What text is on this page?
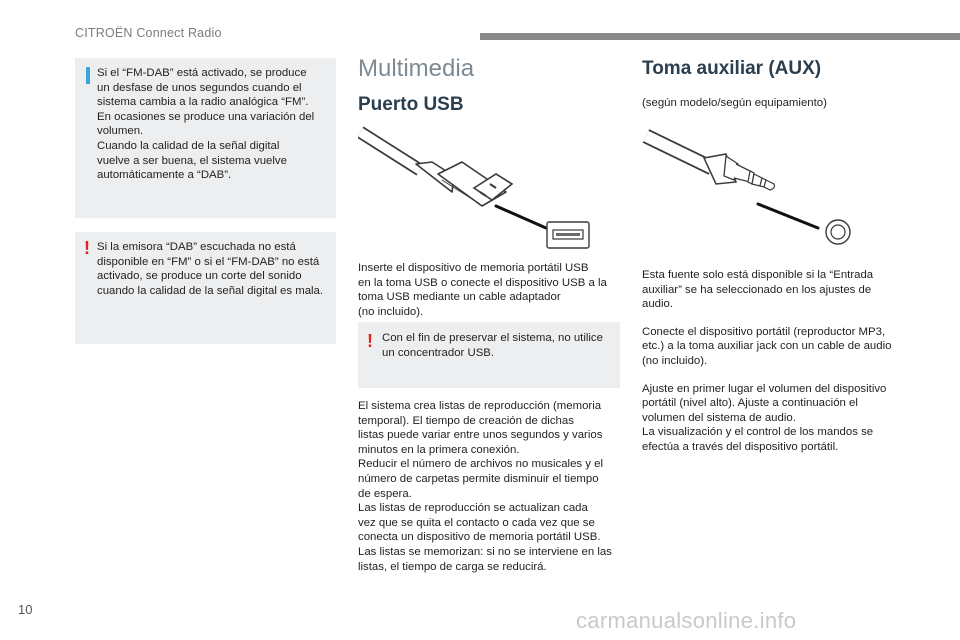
CITROËN Connect Radio

Si el “FM-DAB” está activado, se produce

un desfase de unos segundos cuando el

sistema cambia a la radio analógica “FM”.

En ocasiones se produce una variación del

volumen.

Cuando la calidad de la señal digital

vuelve a ser buena, el sistema vuelve

automáticamente a “DAB”.

! Si la emisora “DAB” escuchada no está

disponible en “FM” o si el “FM-DAB” no está

activado, se produce un corte del sonido

cuando la calidad de la señal digital es mala.

Multimedia
Puerto USB
Inserte el dispositivo de memoria portátil USB
en la toma USB o conecte el dispositivo USB a la
toma USB mediante un cable adaptador
(no incluido).
! Con el fin de preservar el sistema, no utilice

un concentrador USB.

El sistema crea listas de reproducción (memoria
temporal). El tiempo de creación de dichas
listas puede variar entre unos segundos y varios
minutos en la primera conexión.
Reducir el número de archivos no musicales y el
número de carpetas permite disminuir el tiempo
de espera.
Las listas de reproducción se actualizan cada
vez que se quita el contacto o cada vez que se
conecta un dispositivo de memoria portátil USB.
Las listas se memorizan: si no se interviene en las
listas, el tiempo de carga se reducirá.
Toma auxiliar (AUX)
(según modelo/según equipamiento)

Esta fuente solo está disponible si la “Entrada
auxiliar” se ha seleccionado en los ajustes de
audio.

Conecte el dispositivo portátil (reproductor MP3,
etc.) a la toma auxiliar jack con un cable de audio
(no incluido).

Ajuste en primer lugar el volumen del dispositivo
portátil (nivel alto). Ajuste a continuación el
volumen del sistema de audio.
La visualización y el control de los mandos se
efectúa a través del dispositivo portátil.

10	carmanualsonline.info
